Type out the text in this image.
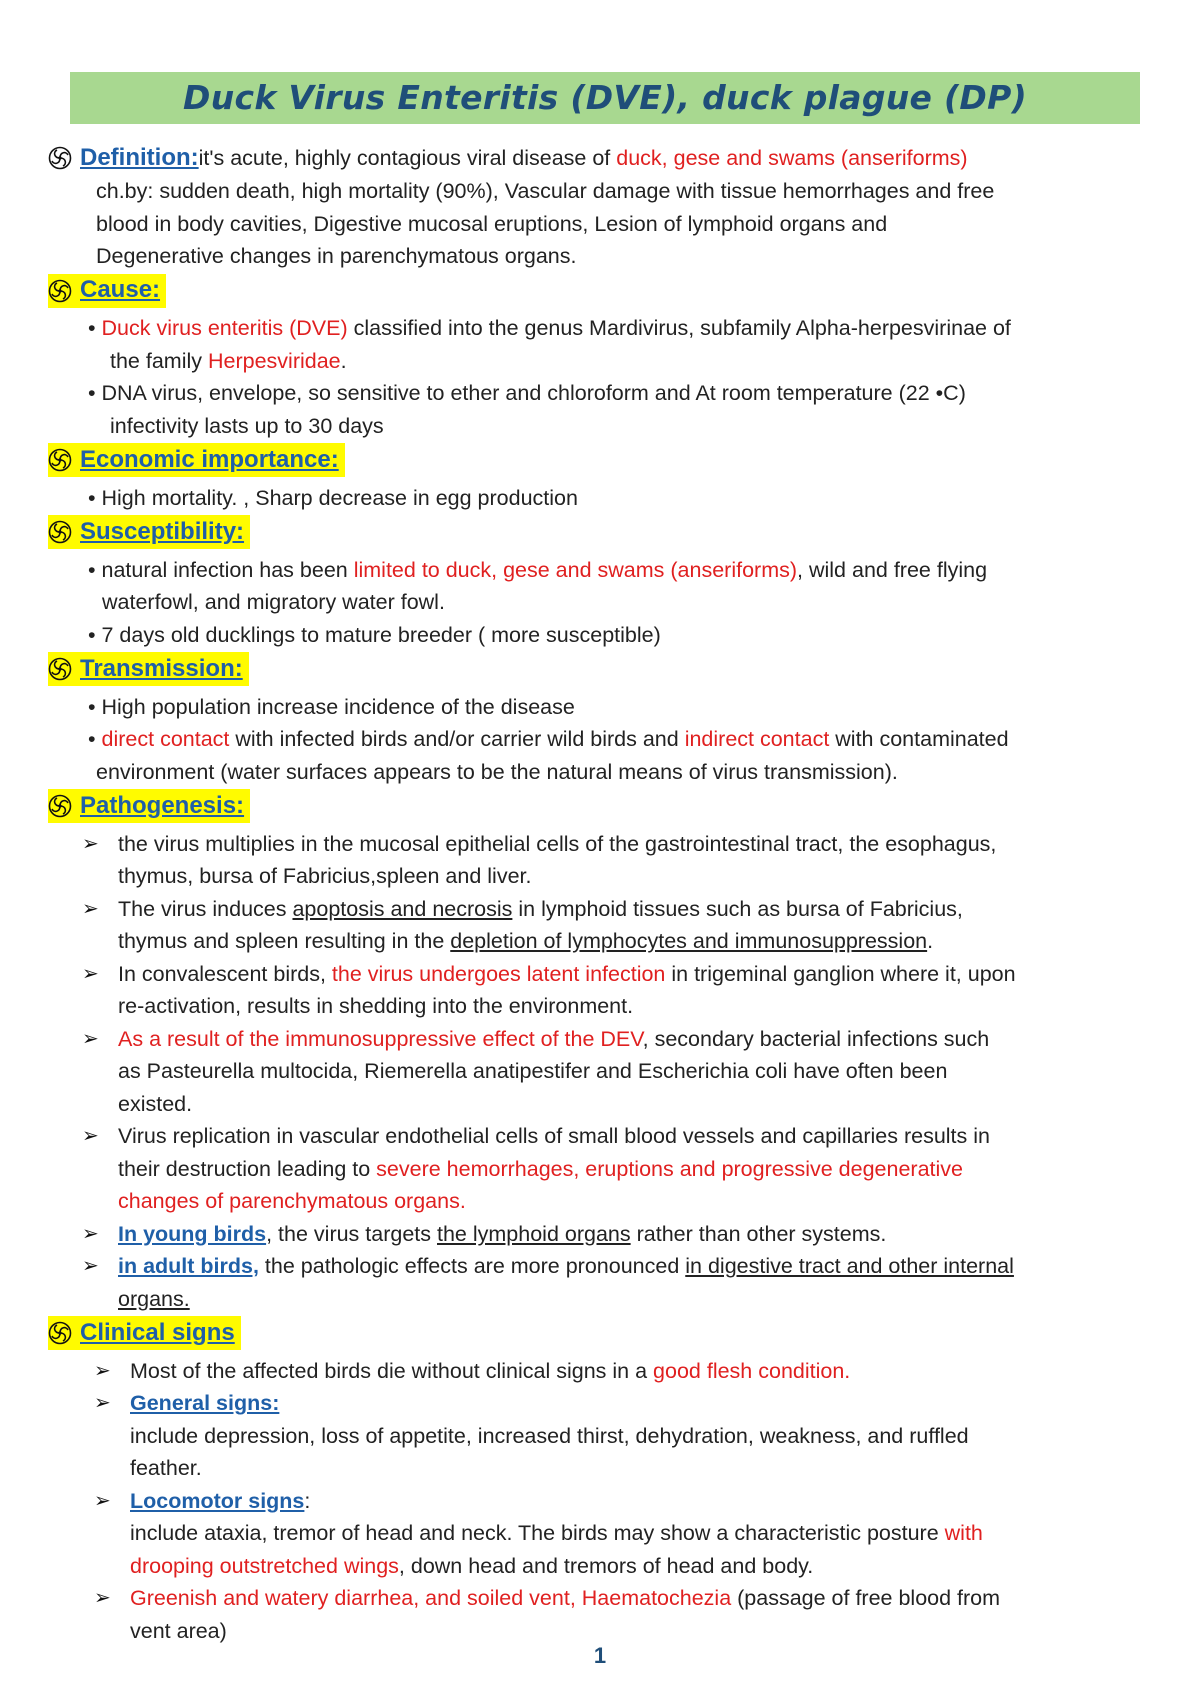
Duck Virus Enteritis (DVE), duck plague (DP)
Definition: it's acute, highly contagious viral disease of duck, gese and swams (anseriforms)
ch.by: sudden death, high mortality (90%), Vascular damage with tissue hemorrhages and free
blood in body cavities, Digestive mucosal eruptions, Lesion of lymphoid organs and
Degenerative changes in parenchymatous organs.
Cause:
• Duck virus enteritis (DVE) classified into the genus Mardivirus, subfamily Alpha-herpesvirinae of
the family Herpesviridae.
• DNA virus, envelope, so sensitive to ether and chloroform and At room temperature (22 •C)
infectivity lasts up to 30 days
Economic importance:
• High mortality. , Sharp decrease in egg production
Susceptibility:
• natural infection has been limited to duck, gese and swams (anseriforms), wild and free flying
waterfowl, and migratory water fowl.
• 7 days old ducklings to mature breeder ( more susceptible)
Transmission:
• High population increase incidence of the disease
• direct contact with infected birds and/or carrier wild birds and indirect contact with contaminated
environment (water surfaces appears to be the natural means of virus transmission).
Pathogenesis:
➢ the virus multiplies in the mucosal epithelial cells of the gastrointestinal tract, the esophagus,
thymus, bursa of Fabricius,spleen and liver.
➢ The virus induces apoptosis and necrosis in lymphoid tissues such as bursa of Fabricius,
thymus and spleen resulting in the depletion of lymphocytes and immunosuppression.
➢ In convalescent birds, the virus undergoes latent infection in trigeminal ganglion where it, upon
re-activation, results in shedding into the environment.
➢ As a result of the immunosuppressive effect of the DEV, secondary bacterial infections such
as Pasteurella multocida, Riemerella anatipestifer and Escherichia coli have often been
existed.
➢ Virus replication in vascular endothelial cells of small blood vessels and capillaries results in
their destruction leading to severe hemorrhages, eruptions and progressive degenerative
changes of parenchymatous organs.
➢ In young birds, the virus targets the lymphoid organs rather than other systems.
➢ in adult birds, the pathologic effects are more pronounced in digestive tract and other internal
organs.
Clinical signs
➢ Most of the affected birds die without clinical signs in a good flesh condition.
➢ General signs:
include depression, loss of appetite, increased thirst, dehydration, weakness, and ruffled
feather.
➢ Locomotor signs:
include ataxia, tremor of head and neck. The birds may show a characteristic posture with
drooping outstretched wings, down head and tremors of head and body.
➢ Greenish and watery diarrhea, and soiled vent, Haematochezia (passage of free blood from
vent area)
1
